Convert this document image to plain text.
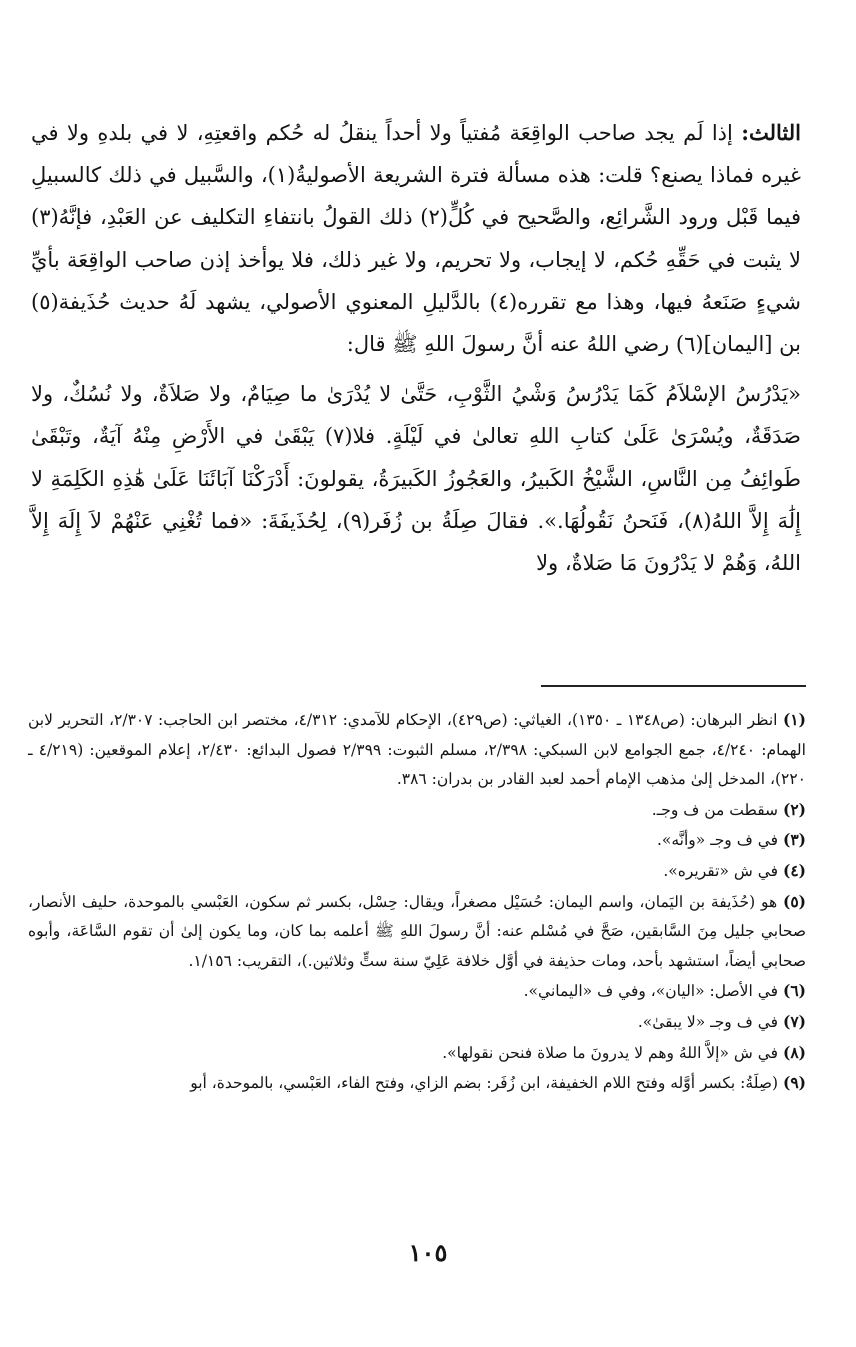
الثالث: إذا لَم يجد صاحب الواقِعَة مُفتياً ولا أحداً ينقلُ له حُكم واقعتِهِ، لا في بلدهِ ولا في غيره فماذا يصنع؟ قلت: هذه مسألة فترة الشريعة الأصوليةُ(١)، والسَّبيل في ذلك كالسبيلِ فيما قَبْل ورود الشَّرائِع، والصَّحيح في كُلٍّ(٢) ذلك القولُ بانتفاءِ التكليف عن العَبْدِ، فإنَّهُ(٣) لا يثبت في حَقِّهِ حُكم، لا إيجاب، ولا تحريم، ولا غير ذلك، فلا يوأخذ إذن صاحب الواقِعَة بأيِّ شيءٍ صَنَعهُ فيها، وهذا مع تقرره(٤) بالدَّليلِ المعنوي الأصولي، يشهد لَهُ حديث حُذَيفة(٥) بن [اليمان](٦) رضي اللهُ عنه أنَّ رسولَ اللهِ ﷺ قال:

«يَدْرُسُ الإسْلاَمُ كَمَا يَدْرُسُ وَشْيُ الثَّوْبِ، حَتَّىٰ لا يُدْرَىٰ ما صِيَامٌ، ولا صَلاَةٌ، ولا نُسُكٌ، ولا صَدَقَةٌ، ويُسْرَىٰ عَلَىٰ كتابِ اللهِ تعالىٰ في لَيْلَةٍ. فلا(٧) يَبْقَىٰ في الأَرْضِ مِنْهُ آيَةٌ، وتَبْقَىٰ طَوائِفُ مِن النَّاسِ، الشَّيْخُ الكَبيرُ، والعَجُوزُ الكَبيرَةُ، يقولونَ: أَدْرَكْنَا آبَائَنَا عَلَىٰ هَٰذِهِ الكَلِمَةِ لا إِلَٰهَ إِلاَّ اللهُ(٨)، فَنَحنُ نَقُولُهَا.». فقالَ صِلَةُ بن زُفَر(٩)، لِحُذَيفَةَ: «فما تُغْنِي عَنْهُمْ لاَ إِلَهَ إِلاَّ اللهُ، وَهُمْ لا يَدْرُونَ مَا صَلاةٌ، ولا

(١) انظر البرهان: (ص١٣٤٨ ـ ١٣٥٠)، الغياثي: (ص٤٢٩)، الإحكام للآمدي: ٤/٣١٢، مختصر ابن الحاجب: ٢/٣٠٧، التحرير لابن الهمام: ٤/٢٤٠، جمع الجوامع لابن السبكي: ٢/٣٩٨، مسلم الثبوت: ٢/٣٩٩ فصول البدائع: ٢/٤٣٠، إعلام الموقعين: (٤/٢١٩ ـ ٢٢٠)، المدخل إلىٰ مذهب الإمام أحمد لعبد القادر بن بدران: ٣٨٦.

(٢) سقطت من ف وجـ.

(٣) في ف وجـ «وأنَّه».

(٤) في ش «تقريره».

(٥) هو (حُذَيفة بن اليَمان، واسم اليمان: حُسَيْل مصغراً، ويقال: حِسْل، بكسر ثم سكون، العَبْسي بالموحدة، حليف الأنصار، صحابي جليل مِنَ السَّابقين، صَحَّ في مُسْلم عنه: أنَّ رسولَ اللهِ ﷺ أعلمه بما كان، وما يكون إلىٰ أن تقوم السَّاعَة، وأبوه صحابي أيضاً، استشهد بأحد، ومات حذيفة في أوَّل خلافة عَلِيّ سنة ستٍّ وثلاثين.)، التقريب: ١/١٥٦.

(٦) في الأصل: «اليان»، وفي ف «اليماني».

(٧) في ف وجـ «لا يبقىٰ».

(٨) في ش «إلاَّ اللهُ وهم لا يدرونَ ما صلاة فنحن نقولها».

(٩) (صِلَةُ: بكسر أوَّله وفتح اللام الخفيفة، ابن زُفَر: بضم الزاي، وفتح الفاء، العَبْسي، بالموحدة، أبو

١٠٥
